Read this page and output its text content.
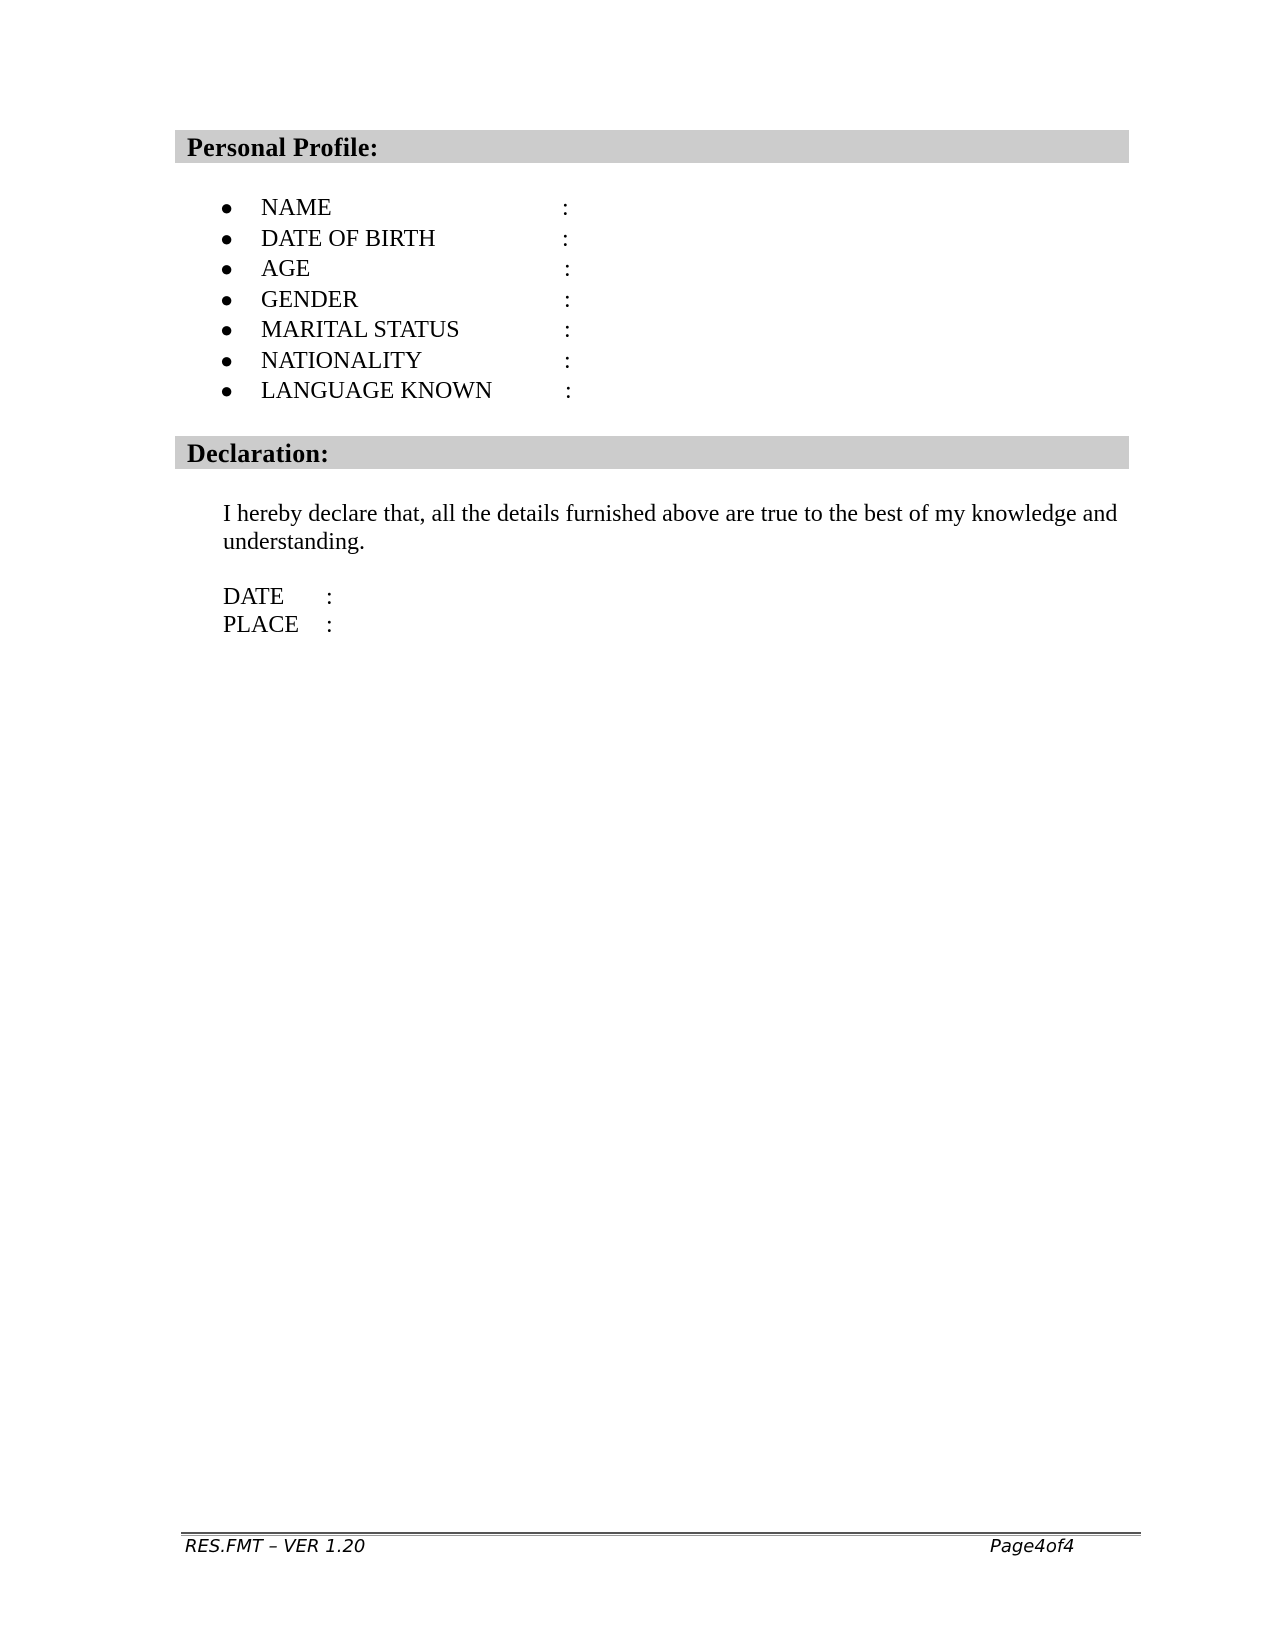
Personal Profile:
● NAME	:
● DATE OF BIRTH	:
● AGE	:
● GENDER	:
● MARITAL STATUS	:
● NATIONALITY	:
● LANGUAGE KNOWN	:
Declaration:

I hereby declare that, all the details furnished above are true to the best of my knowledge and understanding.

DATE :
PLACE :
RES.FMT – VER 1.20	Page4of4
